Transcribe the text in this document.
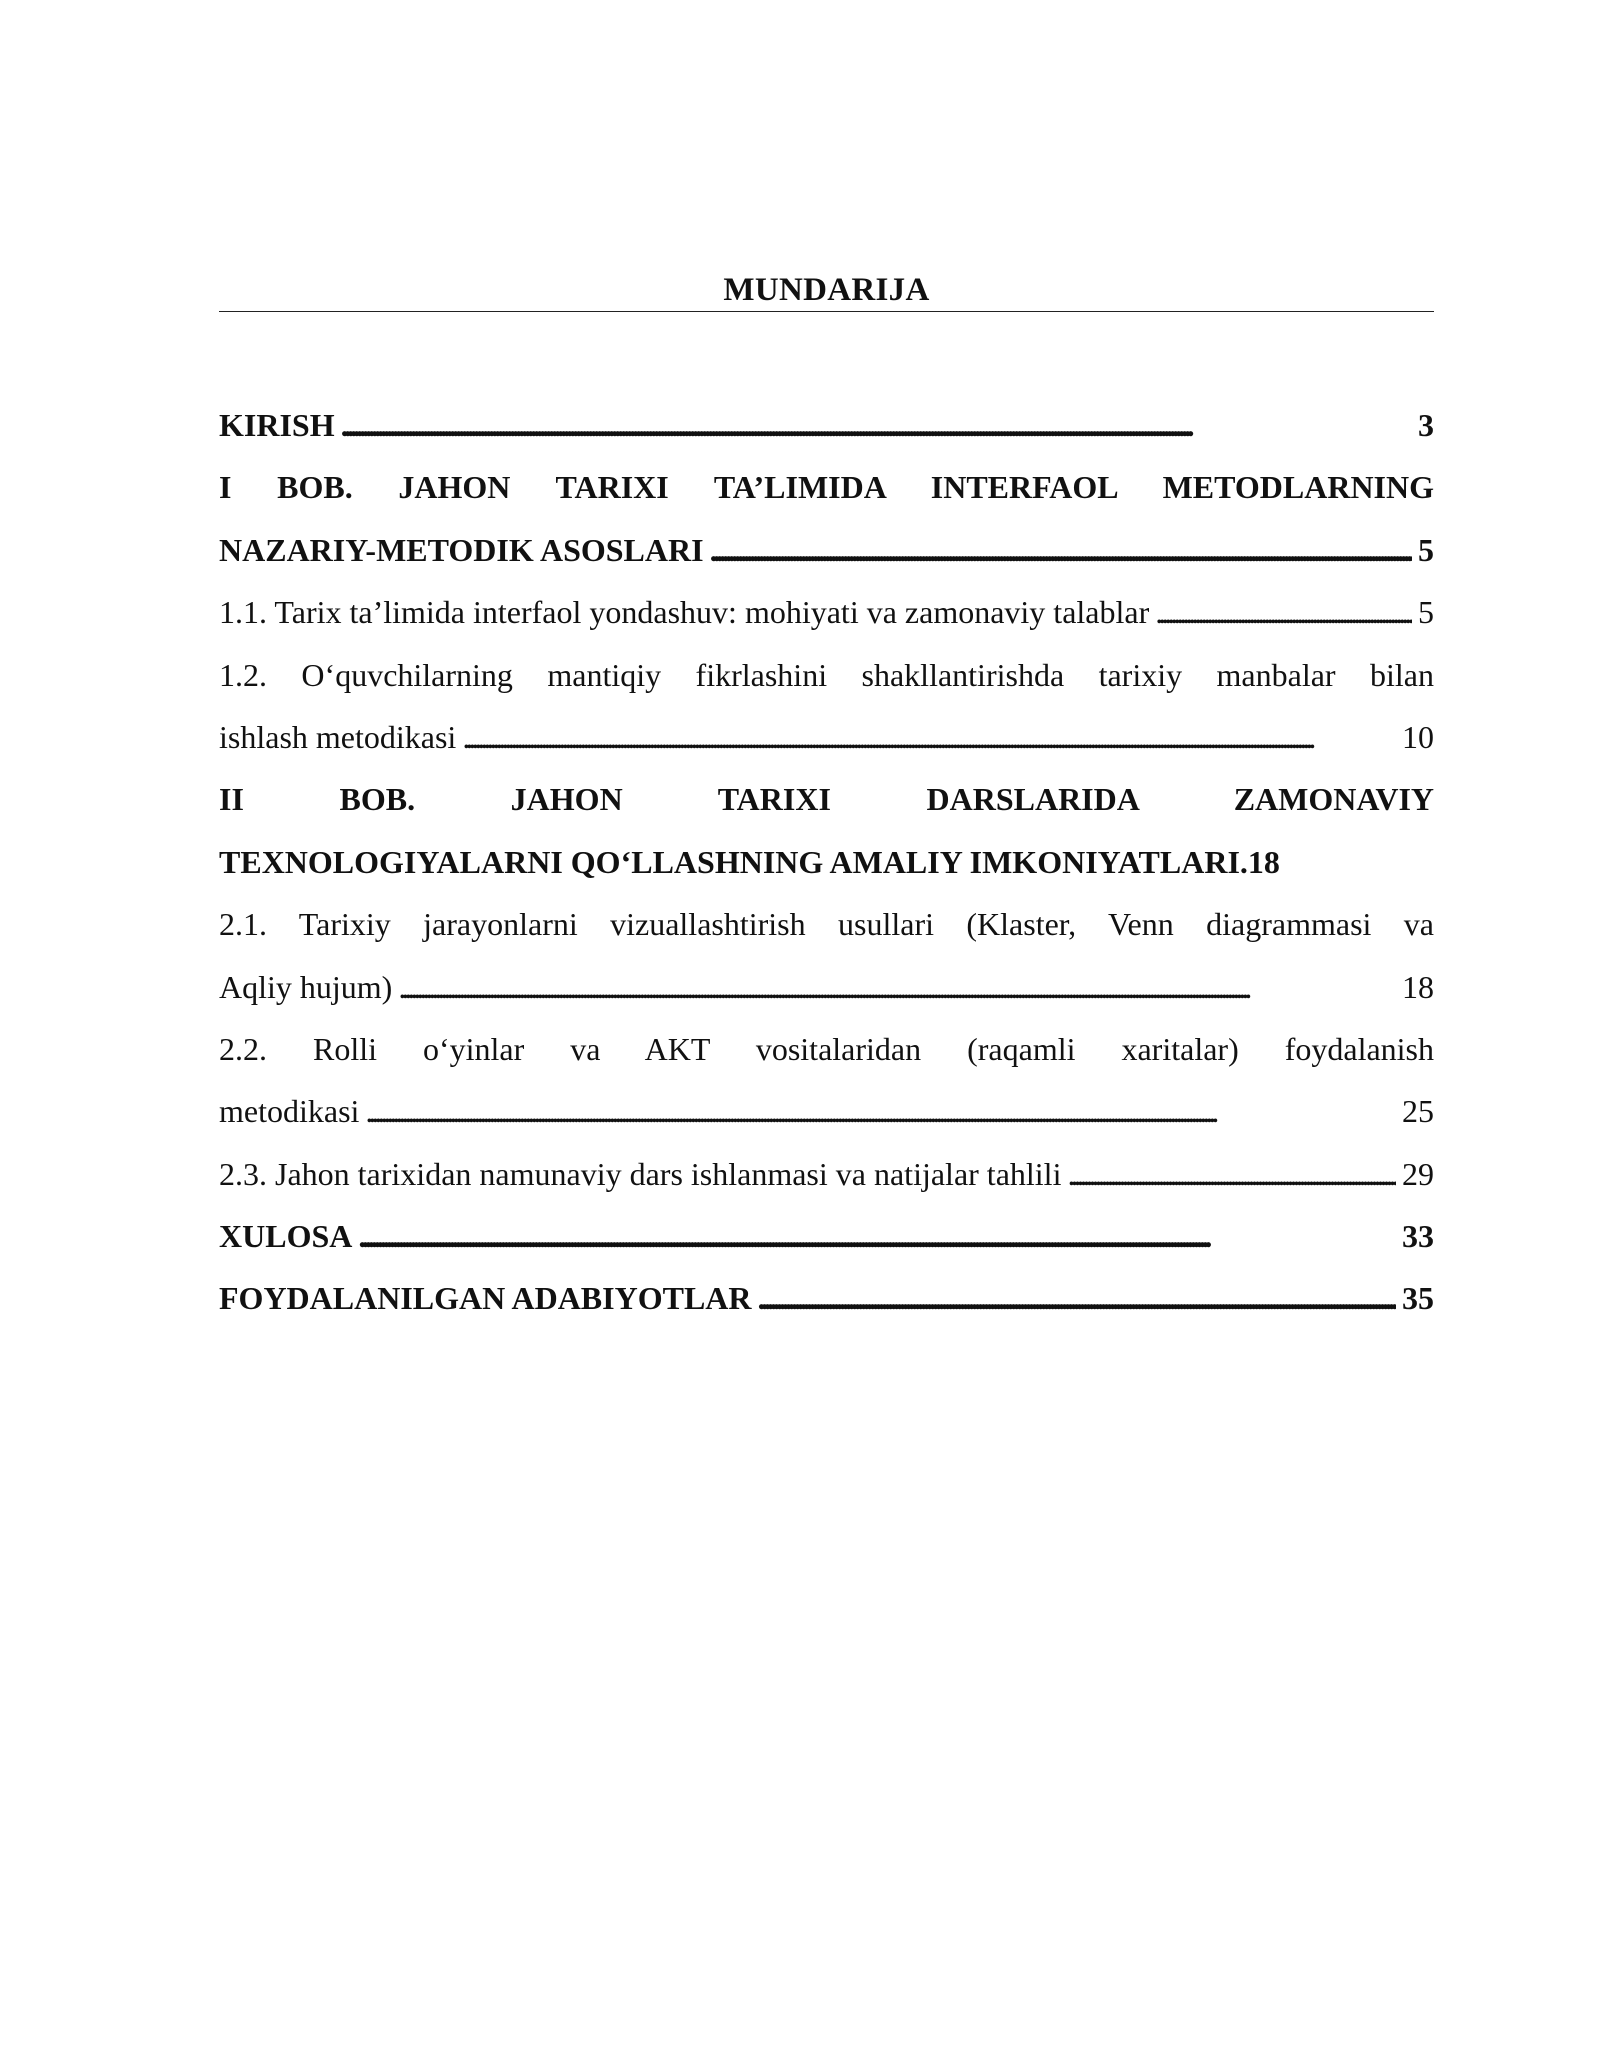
MUNDARIJA
KIRISH . . .	3
I BOB. JAHON TARIXI TA’LIMIDA INTERFAOL METODLARNING
NAZARIY-METODIK ASOSLARI . . .	5
1.1. Tarix ta’limida interfaol yondashuv: mohiyati va zamonaviy talablar . . .	5
1.2. O‘quvchilarning mantiqiy fikrlashini shakllantirishda tarixiy manbalar bilan
ishlash metodikasi . . .	10
II BOB. JAHON TARIXI DARSLARIDA ZAMONAVIY
TEXNOLOGIYALARNI QO‘LLASHNING AMALIY IMKONIYATLARI.18
2.1. Tarixiy jarayonlarni vizuallashtirish usullari (Klaster, Venn diagrammasi va
Aqliy hujum) . . .	18
2.2. Rolli o‘yinlar va AKT vositalaridan (raqamli xaritalar) foydalanish
metodikasi . . .	25
2.3. Jahon tarixidan namunaviy dars ishlanmasi va natijalar tahlili . . .	29
XULOSA . . .	33
FOYDALANILGAN ADABIYOTLAR . . .	35
